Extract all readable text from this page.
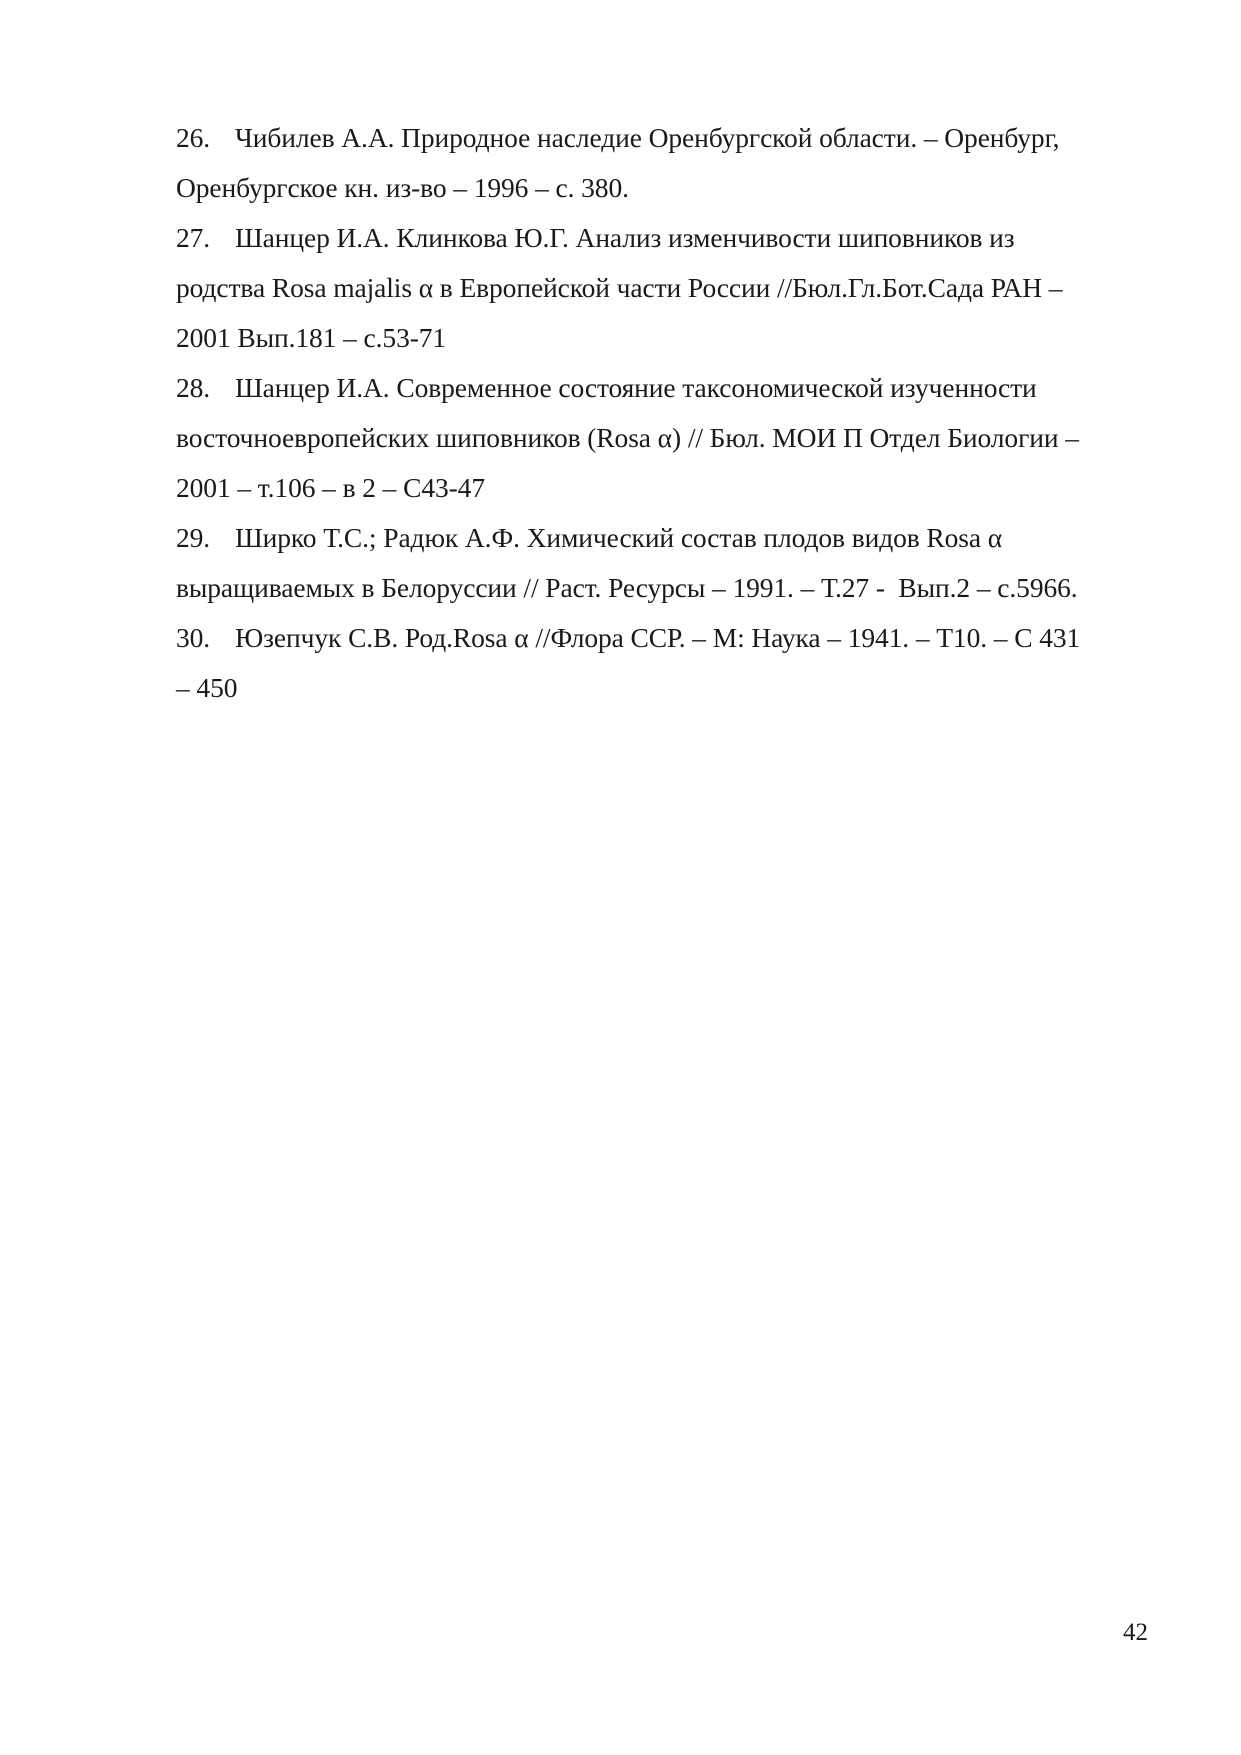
26. Чибилев А.А. Природное наследие Оренбургской области. – Оренбург,
Оренбургское кн. из-во – 1996 – с. 380.
27. Шанцер И.А. Клинкова Ю.Г. Анализ изменчивости шиповников из
родства Rosa majalis α в Европейской части России //Бюл.Гл.Бот.Сада РАН –
2001 Вып.181 – с.53-71
28. Шанцер И.А. Современное состояние таксономической изученности
восточноевропейских шиповников (Rosa α) // Бюл. МОИ П Отдел Биологии –
2001 – т.106 – в 2 – С43-47
29. Ширко Т.С.; Радюк А.Ф. Химический состав плодов видов Rosa α
выращиваемых в Белоруссии // Раст. Ресурсы – 1991. – Т.27 -  Вып.2 – с.5966.
30. Юзепчук С.В. Род.Rosa α //Флора ССР. – М: Наука – 1941. – Т10. – С 431
– 450
42
